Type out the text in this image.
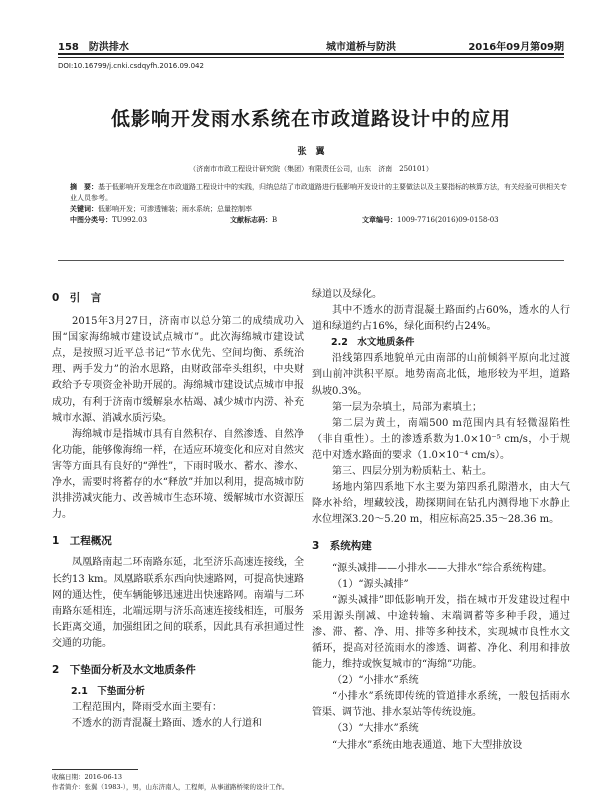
158　防洪排水	城市道桥与防洪	2016年09月第09期
DOI:10.16799/j.cnki.csdqyfh.2016.09.042
低影响开发雨水系统在市政道路设计中的应用
张　翼
（济南市市政工程设计研究院（集团）有限责任公司，山东　济南　250101）

摘　要：基于低影响开发理念在市政道路工程设计中的实践，归纳总结了市政道路进行低影响开发设计的主要做法以及主要指标的核算方法，有关经验可供相关专业人员参考。

关键词：低影响开发；可渗透铺装；雨水系统；总量控制率

中图分类号：TU992.03	文献标志码：B	文章编号：1009-7716(2016)09-0158-03
0　引　言

2015年3月27日，济南市以总分第二的成绩成功入围“国家海绵城市建设试点城市”。此次海绵城市建设试点，是按照习近平总书记“节水优先、空间均衡、系统治理、两手发力”的治水思路，由财政部牵头组织，中央财政给予专项资金补助开展的。海绵城市建设试点城市申报成功，有利于济南市缓解泉水枯竭、减少城市内涝、补充城市水源、消减水质污染。

海绵城市是指城市具有自然积存、自然渗透、自然净化功能，能够像海绵一样，在适应环境变化和应对自然灾害等方面具有良好的“弹性”，下雨时吸水、蓄水、渗水、净水，需要时将蓄存的水“释放”并加以利用，提高城市防洪排涝减灾能力、改善城市生态环境、缓解城市水资源压力。

1　工程概况

凤凰路南起二环南路东延，北至济乐高速连接线，全长约13 km。凤凰路联系东西向快速路网，可提高快速路网的通达性，使车辆能够迅速进出快速路网。南端与二环南路东延相连，北端远期与济乐高速连接线相连，可服务长距离交通，加强组团之间的联系，因此具有承担通过性交通的功能。

2　下垫面分析及水文地质条件

2.1　下垫面分析

工程范围内，降雨受水面主要有：

不透水的沥青混凝土路面、透水的人行道和

绿道以及绿化。

其中不透水的沥青混凝土路面约占60%，透水的人行道和绿道约占16%，绿化面积约占24%。

2.2　水文地质条件

沿线第四系地貌单元由南部的山前倾斜平原向北过渡到山前冲洪积平原。地势南高北低，地形较为平坦，道路纵坡0.3%。

第一层为杂填土，局部为素填土；

第二层为黄土，南端500 m范围内具有轻微湿陷性（非自重性）。土的渗透系数为1.0×10⁻⁵ cm/s，小于规范中对透水路面的要求（1.0×10⁻⁴ cm/s）。

第三、四层分别为粉质粘土、粘土。

场地内第四系地下水主要为第四系孔隙潜水，由大气降水补给，埋藏较浅，勘探期间在钻孔内测得地下水静止水位埋深3.20～5.20 m，相应标高25.35～28.36 m。

3　系统构建

“源头减排——小排水——大排水”综合系统构建。

（1）“源头减排”

“源头减排”即低影响开发，指在城市开发建设过程中采用源头削减、中途转输、末端调蓄等多种手段，通过渗、滞、蓄、净、用、排等多种技术，实现城市良性水文循环，提高对径流雨水的渗透、调蓄、净化、利用和排放能力，维持或恢复城市的“海绵”功能。

（2）“小排水”系统

“小排水”系统即传统的管道排水系统，一般包括雨水管渠、调节池、排水泵站等传统设施。

（3）“大排水”系统

“大排水”系统由地表通道、地下大型排放设

收稿日期：2016-06-13

作者简介：张翼（1983-），男，山东济南人，工程师，从事道路桥梁的设计工作。
